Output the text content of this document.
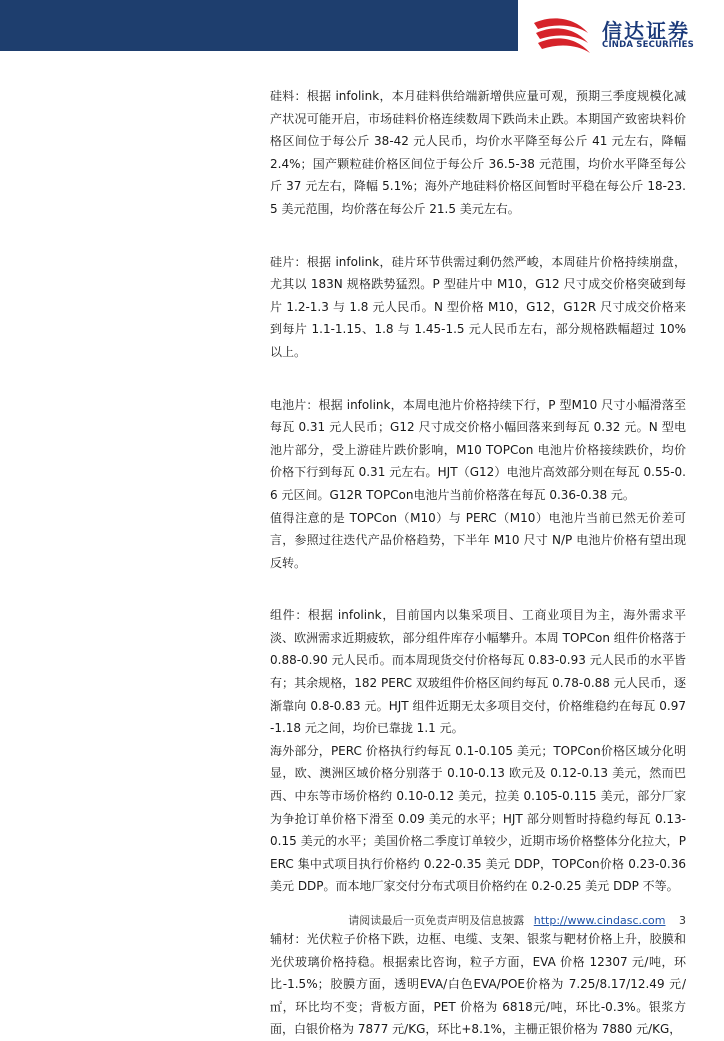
信达证券
CINDA SECURITIES

硅料：根据 infolink，本月硅料供给端新增供应量可观，预期三季度规模化减产状况可能开启，市场硅料价格连续数周下跌尚未止跌。本期国产致密块料价格区间位于每公斤 38-42 元人民币，均价水平降至每公斤 41 元左右，降幅 2.4%；国产颗粒硅价格区间位于每公斤 36.5-38 元范围，均价水平降至每公斤 37 元左右，降幅 5.1%；海外产地硅料价格区间暂时平稳在每公斤 18-23.5 美元范围，均价落在每公斤 21.5 美元左右。

硅片：根据 infolink，硅片环节供需过剩仍然严峻，本周硅片价格持续崩盘，尤其以 183N 规格跌势猛烈。P 型硅片中 M10，G12 尺寸成交价格突破到每片 1.2-1.3 与 1.8 元人民币。N 型价格 M10，G12，G12R 尺寸成交价格来到每片 1.1-1.15、1.8 与 1.45-1.5 元人民币左右，部分规格跌幅超过 10% 以上。

电池片：根据 infolink，本周电池片价格持续下行，P 型M10 尺寸小幅滑落至每瓦 0.31 元人民币；G12 尺寸成交价格小幅回落来到每瓦 0.32 元。N 型电池片部分，受上游硅片跌价影响，M10 TOPCon 电池片价格接续跌价，均价价格下行到每瓦 0.31 元左右。HJT（G12）电池片高效部分则在每瓦 0.55-0.6 元区间。G12R TOPCon电池片当前价格落在每瓦 0.36-0.38 元。

值得注意的是 TOPCon（M10）与 PERC（M10）电池片当前已然无价差可言，参照过往迭代产品价格趋势，下半年 M10 尺寸 N/P 电池片价格有望出现反转。

组件：根据 infolink，目前国内以集采项目、工商业项目为主，海外需求平淡、欧洲需求近期疲软，部分组件库存小幅攀升。本周 TOPCon 组件价格落于 0.88-0.90 元人民币。而本周现货交付价格每瓦 0.83-0.93 元人民币的水平皆有；其余规格，182 PERC 双玻组件价格区间约每瓦 0.78-0.88 元人民币，逐渐靠向 0.8-0.83 元。HJT 组件近期无太多项目交付，价格维稳约在每瓦 0.97-1.18 元之间，均价已靠拢 1.1 元。

海外部分，PERC 价格执行约每瓦 0.1-0.105 美元；TOPCon价格区域分化明显，欧、澳洲区域价格分别落于 0.10-0.13 欧元及 0.12-0.13 美元，然而巴西、中东等市场价格约 0.10-0.12 美元，拉美 0.105-0.115 美元，部分厂家为争抢订单价格下滑至 0.09 美元的水平；HJT 部分则暂时持稳约每瓦 0.13-0.15 美元的水平；美国价格二季度订单较少，近期市场价格整体分化拉大，PERC 集中式项目执行价格约 0.22-0.35 美元 DDP，TOPCon价格 0.23-0.36 美元 DDP。而本地厂家交付分布式项目价格约在 0.2-0.25 美元 DDP 不等。

辅材：光伏粒子价格下跌，边框、电缆、支架、银浆与靶材价格上升，胶膜和光伏玻璃价格持稳。根据索比咨询，粒子方面，EVA 价格 12307 元/吨，环比-1.5%；胶膜方面，透明EVA/白色EVA/POE价格为 7.25/8.17/12.49 元/㎡，环比均不变；背板方面，PET 价格为 6818元/吨，环比-0.3%。银浆方面，白银价格为 7877 元/KG，环比+8.1%，主栅正银价格为 7880 元/KG，

请阅读最后一页免责声明及信息披露 http://www.cindasc.com 3
